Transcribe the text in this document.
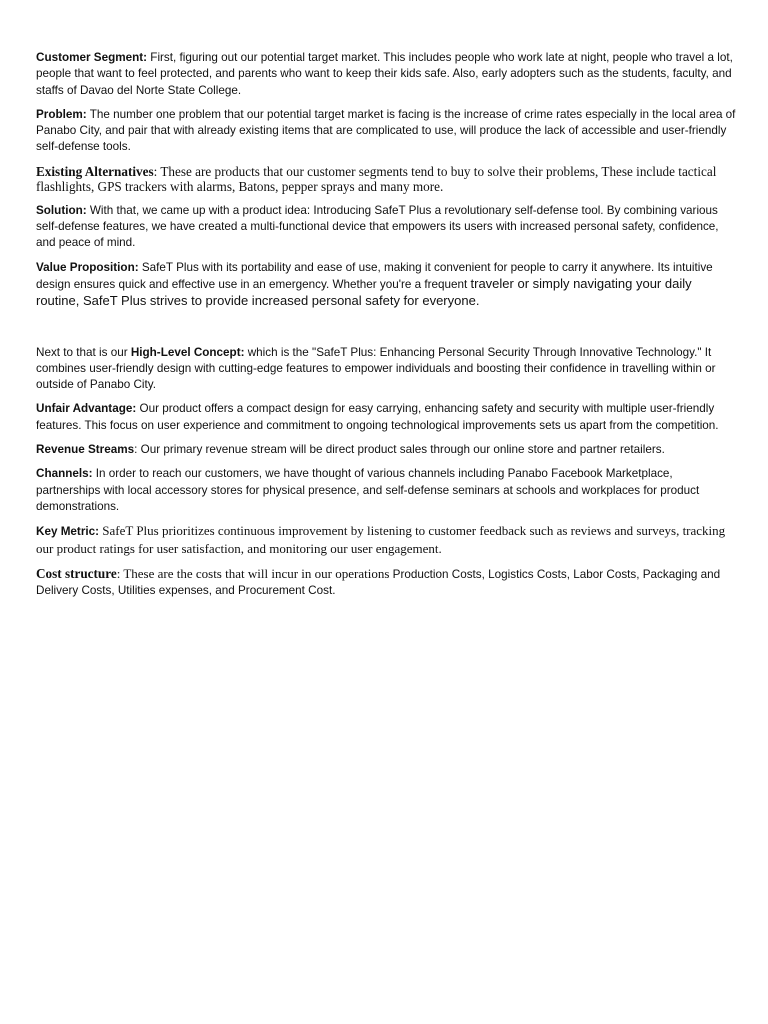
Customer Segment: First, figuring out our potential target market. This includes people who work late at night, people who travel a lot, people that want to feel protected, and parents who want to keep their kids safe. Also, early adopters such as the students, faculty, and staffs of Davao del Norte State College.

Problem: The number one problem that our potential target market is facing is the increase of crime rates especially in the local area of Panabo City, and pair that with already existing items that are complicated to use, will produce the lack of accessible and user-friendly self-defense tools.

Existing Alternatives: These are products that our customer segments tend to buy to solve their problems, These include tactical flashlights, GPS trackers with alarms, Batons, pepper sprays and many more.

Solution: With that, we came up with a product idea: Introducing SafeT Plus a revolutionary self-defense tool. By combining various self-defense features, we have created a multi-functional device that empowers its users with increased personal safety, confidence, and peace of mind.

Value Proposition: SafeT Plus with its portability and ease of use, making it convenient for people to carry it anywhere. Its intuitive design ensures quick and effective use in an emergency. Whether you're a frequent traveler or simply navigating your daily routine, SafeT Plus strives to provide increased personal safety for everyone.

Next to that is our High-Level Concept: which is the "SafeT Plus: Enhancing Personal Security Through Innovative Technology." It combines user-friendly design with cutting-edge features to empower individuals and boosting their confidence in travelling within or outside of Panabo City.

Unfair Advantage: Our product offers a compact design for easy carrying, enhancing safety and security with multiple user-friendly features. This focus on user experience and commitment to ongoing technological improvements sets us apart from the competition.

Revenue Streams: Our primary revenue stream will be direct product sales through our online store and partner retailers.

Channels: In order to reach our customers, we have thought of various channels including Panabo Facebook Marketplace, partnerships with local accessory stores for physical presence, and self-defense seminars at schools and workplaces for product demonstrations.

Key Metric: SafeT Plus prioritizes continuous improvement by listening to customer feedback such as reviews and surveys, tracking our product ratings for user satisfaction, and monitoring our user engagement.

Cost structure: These are the costs that will incur in our operations Production Costs, Logistics Costs, Labor Costs, Packaging and Delivery Costs, Utilities expenses, and Procurement Cost.
